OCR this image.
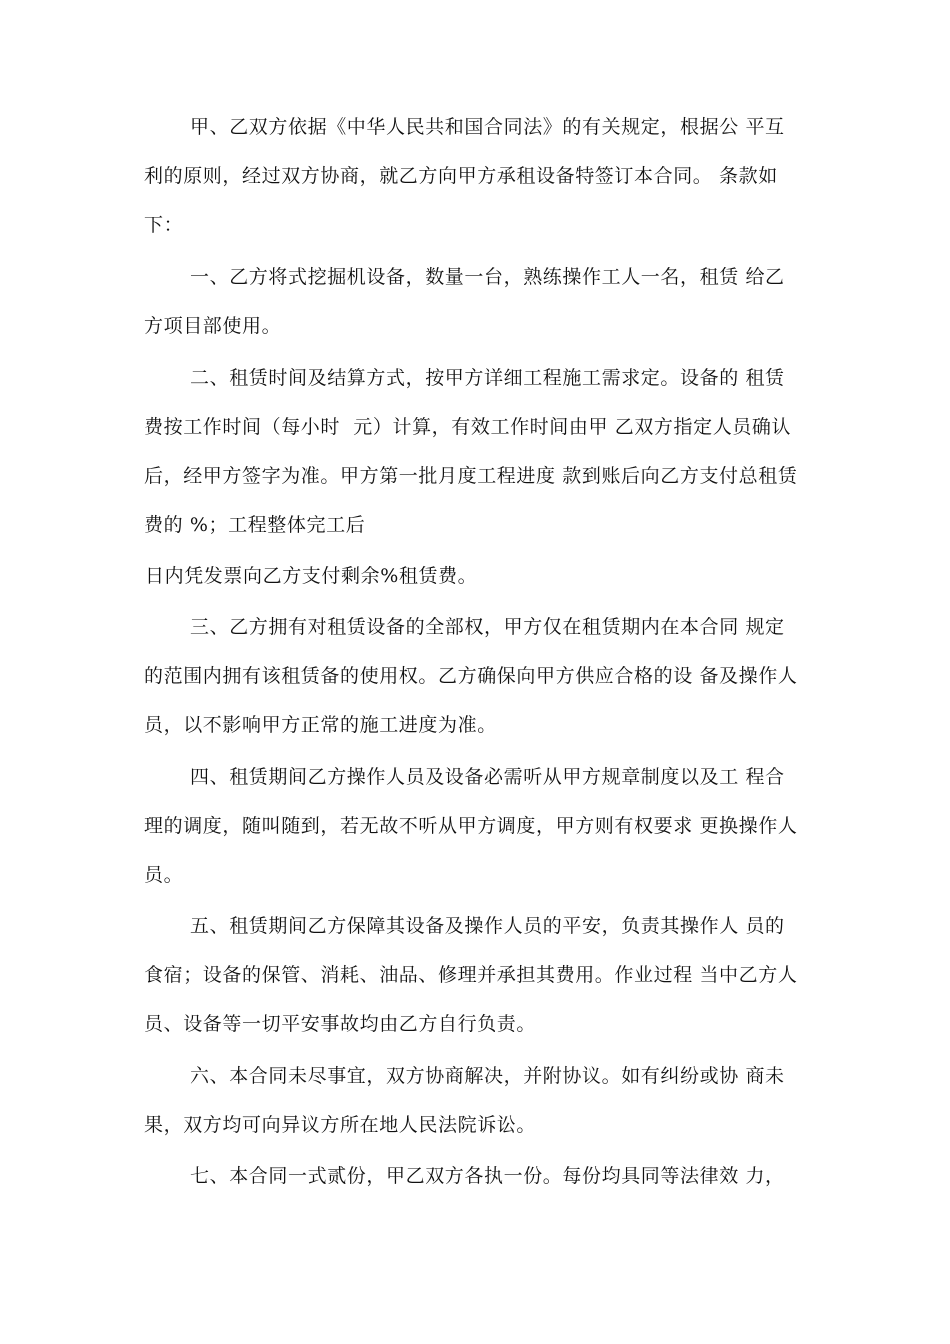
甲、乙双方依据《中华人民共和国合同法》的有关规定，根据公 平互
利的原则，经过双方协商，就乙方向甲方承租设备特签订本合同。 条款如
下：
一、乙方将式挖掘机设备，数量一台，熟练操作工人一名，租赁 给乙
方项目部使用。
二、租赁时间及结算方式，按甲方详细工程施工需求定。设备的 租赁
费按工作时间（每小时  元）计算，有效工作时间由甲 乙双方指定人员确认
后，经甲方签字为准。甲方第一批月度工程进度 款到账后向乙方支付总租赁
费的 %；工程整体完工后
日内凭发票向乙方支付剩余%租赁费。
三、乙方拥有对租赁设备的全部权，甲方仅在租赁期内在本合同 规定
的范围内拥有该租赁备的使用权。乙方确保向甲方供应合格的设 备及操作人
员，以不影响甲方正常的施工进度为准。
四、租赁期间乙方操作人员及设备必需听从甲方规章制度以及工 程合
理的调度，随叫随到，若无故不听从甲方调度，甲方则有权要求 更换操作人
员。
五、租赁期间乙方保障其设备及操作人员的平安，负责其操作人 员的
食宿；设备的保管、消耗、油品、修理并承担其费用。作业过程 当中乙方人
员、设备等一切平安事故均由乙方自行负责。
六、本合同未尽事宜，双方协商解决，并附协议。如有纠纷或协 商未
果，双方均可向异议方所在地人民法院诉讼。
七、本合同一式贰份，甲乙双方各执一份。每份均具同等法律效 力，
